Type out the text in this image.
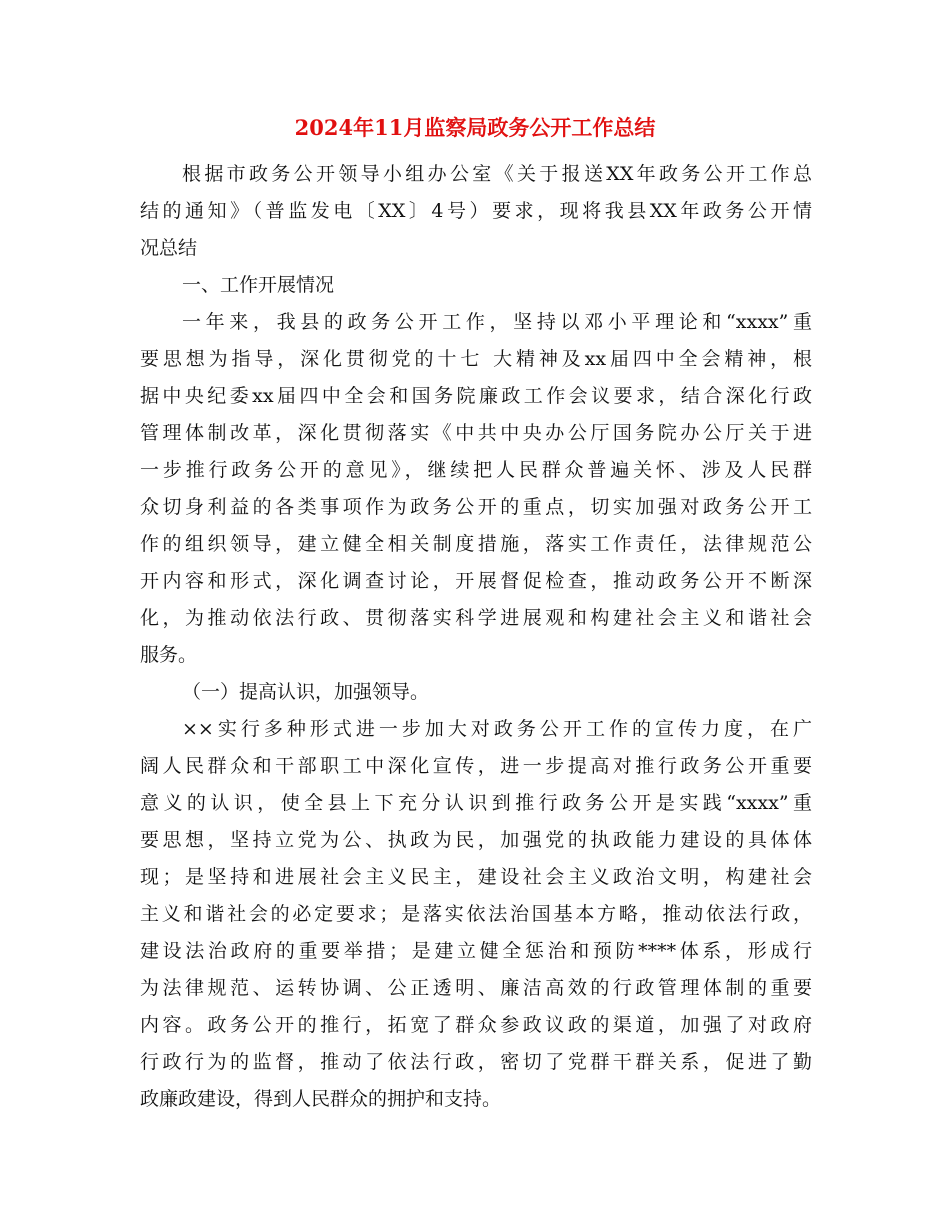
2024年11月监察局政务公开工作总结
根据市政务公开领导小组办公室《关于报送XX年政务公开工作总
结的通知》（普监发电〔XX〕4号）要求，现将我县XX年政务公开情
况总结
一、工作开展情况
一年来，我县的政务公开工作，坚持以邓小平理论和“xxxx”重
要思想为指导，深化贯彻党的十七 大精神及xx届四中全会精神，根
据中央纪委xx届四中全会和国务院廉政工作会议要求，结合深化行政
管理体制改革，深化贯彻落实《中共中央办公厅国务院办公厅关于进
一步推行政务公开的意见》，继续把人民群众普遍关怀、涉及人民群
众切身利益的各类事项作为政务公开的重点，切实加强对政务公开工
作的组织领导，建立健全相关制度措施，落实工作责任，法律规范公
开内容和形式，深化调查讨论，开展督促检查，推动政务公开不断深
化，为推动依法行政、贯彻落实科学进展观和构建社会主义和谐社会
服务。
（一）提高认识，加强领导。
××实行多种形式进一步加大对政务公开工作的宣传力度，在广
阔人民群众和干部职工中深化宣传，进一步提高对推行政务公开重要
意义的认识，使全县上下充分认识到推行政务公开是实践“xxxx”重
要思想，坚持立党为公、执政为民，加强党的执政能力建设的具体体
现；是坚持和进展社会主义民主，建设社会主义政治文明，构建社会
主义和谐社会的必定要求；是落实依法治国基本方略，推动依法行政，
建设法治政府的重要举措；是建立健全惩治和预防****体系，形成行
为法律规范、运转协调、公正透明、廉洁高效的行政管理体制的重要
内容。政务公开的推行，拓宽了群众参政议政的渠道，加强了对政府
行政行为的监督，推动了依法行政，密切了党群干群关系，促进了勤
政廉政建设，得到人民群众的拥护和支持。
